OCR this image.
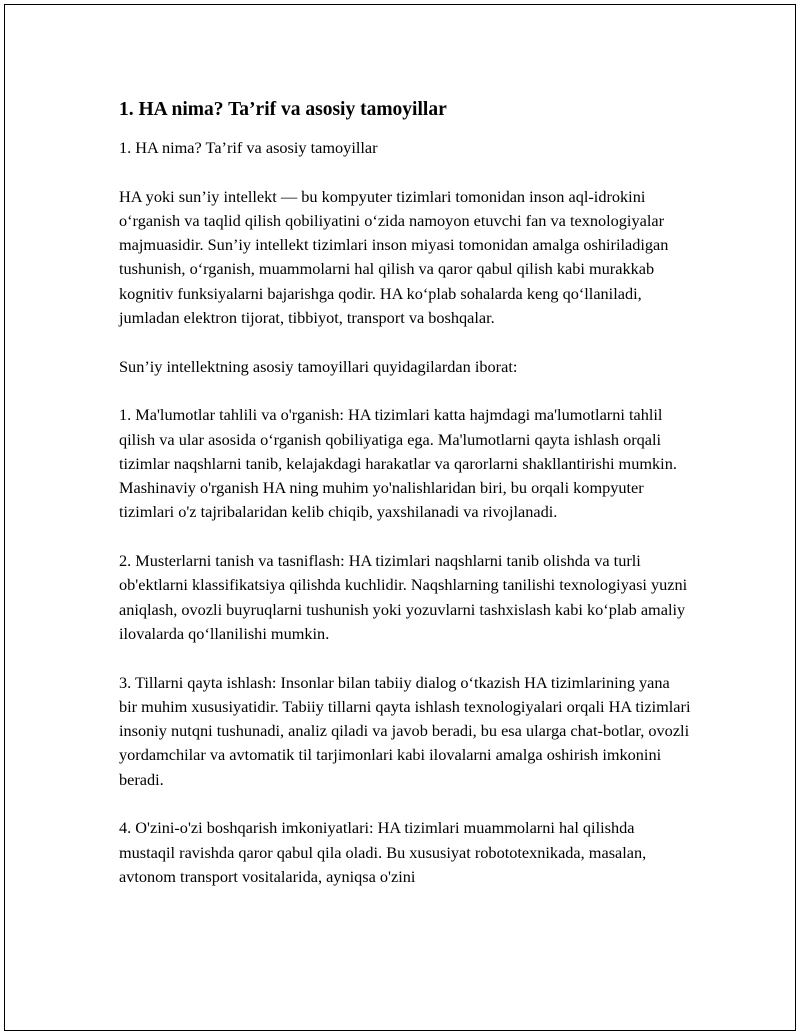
1. HA nima? Ta’rif va asosiy tamoyillar

1. HA nima? Ta’rif va asosiy tamoyillar

HA yoki sun’iy intellekt — bu kompyuter tizimlari tomonidan inson aql-idrokini o‘rganish va taqlid qilish qobiliyatini o‘zida namoyon etuvchi fan va texnologiyalar majmuasidir. Sun’iy intellekt tizimlari inson miyasi tomonidan amalga oshiriladigan tushunish, o‘rganish, muammolarni hal qilish va qaror qabul qilish kabi murakkab kognitiv funksiyalarni bajarishga qodir. HA ko‘plab sohalarda keng qo‘llaniladi, jumladan elektron tijorat, tibbiyot, transport va boshqalar.

Sun’iy intellektning asosiy tamoyillari quyidagilardan iborat:

1. Ma'lumotlar tahlili va o'rganish: HA tizimlari katta hajmdagi ma'lumotlarni tahlil qilish va ular asosida o‘rganish qobiliyatiga ega. Ma'lumotlarni qayta ishlash orqali tizimlar naqshlarni tanib, kelajakdagi harakatlar va qarorlarni shakllantirishi mumkin. Mashinaviy o'rganish HA ning muhim yo'nalishlaridan biri, bu orqali kompyuter tizimlari o'z tajribalaridan kelib chiqib, yaxshilanadi va rivojlanadi.

2. Musterlarni tanish va tasniflash: HA tizimlari naqshlarni tanib olishda va turli ob'ektlarni klassifikatsiya qilishda kuchlidir. Naqshlarning tanilishi texnologiyasi yuzni aniqlash, ovozli buyruqlarni tushunish yoki yozuvlarni tashxislash kabi ko‘plab amaliy ilovalarda qo‘llanilishi mumkin.

3. Tillarni qayta ishlash: Insonlar bilan tabiiy dialog o‘tkazish HA tizimlarining yana bir muhim xususiyatidir. Tabiiy tillarni qayta ishlash texnologiyalari orqali HA tizimlari insoniy nutqni tushunadi, analiz qiladi va javob beradi, bu esa ularga chat-botlar, ovozli yordamchilar va avtomatik til tarjimonlari kabi ilovalarni amalga oshirish imkonini beradi.

4. O'zini-o'zi boshqarish imkoniyatlari: HA tizimlari muammolarni hal qilishda mustaqil ravishda qaror qabul qila oladi. Bu xususiyat robototexnikada, masalan, avtonom transport vositalarida, ayniqsa o'zini
